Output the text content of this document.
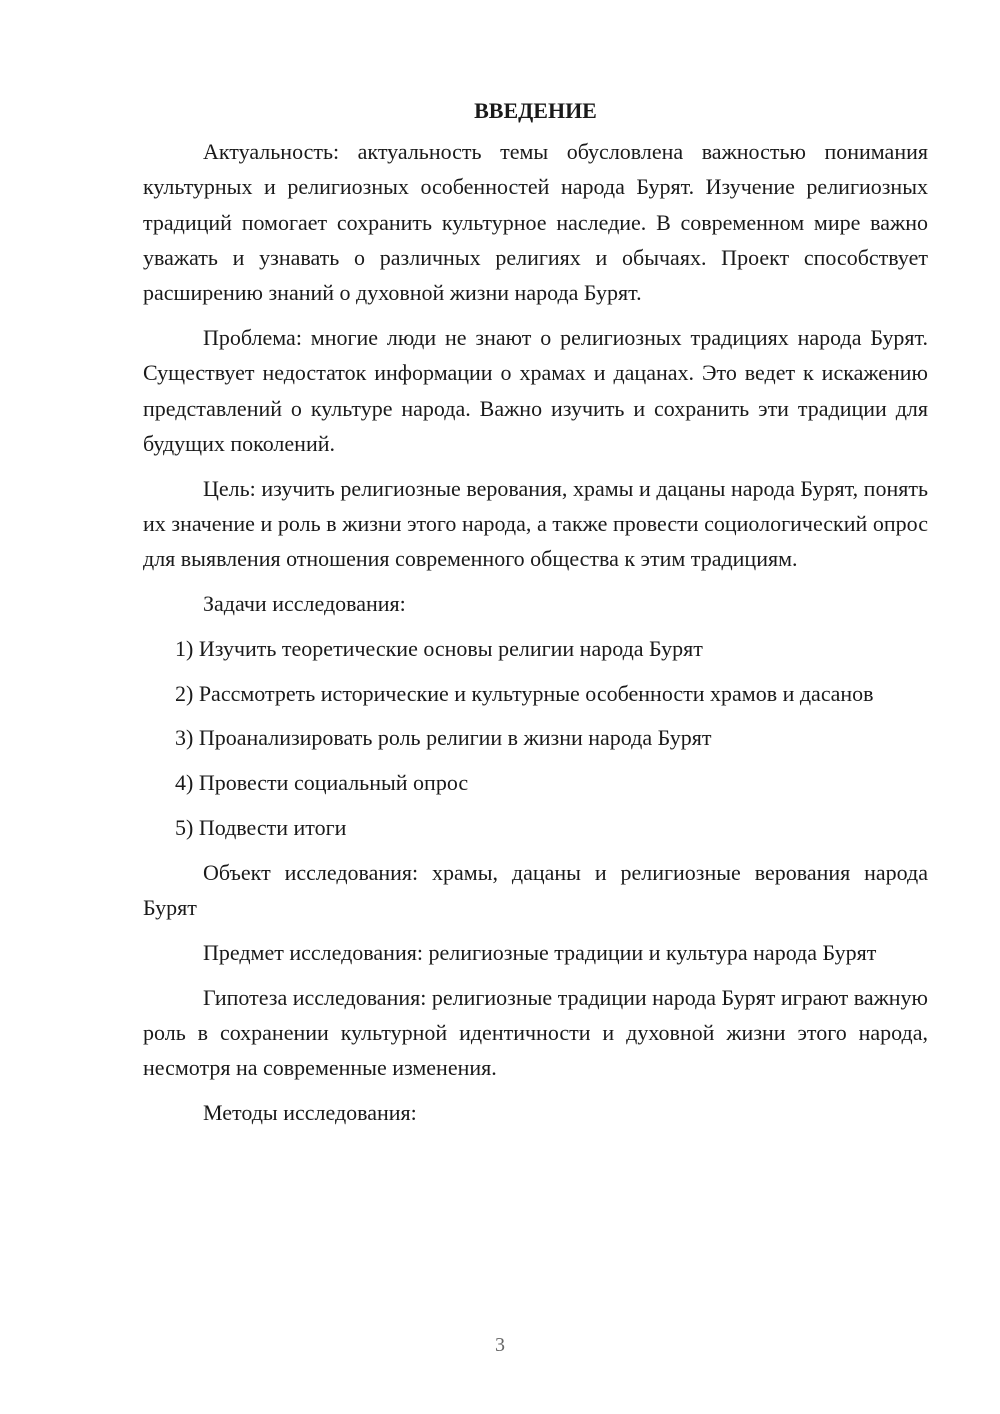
ВВЕДЕНИЕ

Актуальность: актуальность темы обусловлена важностью понимания культурных и религиозных особенностей народа Бурят. Изучение религиозных традиций помогает сохранить культурное наследие. В современном мире важно уважать и узнавать о различных религиях и обычаях. Проект способствует расширению знаний о духовной жизни народа Бурят.

Проблема: многие люди не знают о религиозных традициях народа Бурят. Существует недостаток информации о храмах и дацанах. Это ведет к искажению представлений о культуре народа. Важно изучить и сохранить эти традиции для будущих поколений.

Цель: изучить религиозные верования, храмы и дацаны народа Бурят, понять их значение и роль в жизни этого народа, а также провести социологический опрос для выявления отношения современного общества к этим традициям.

Задачи исследования:

1) Изучить теоретические основы религии народа Бурят

2) Рассмотреть исторические и культурные особенности храмов и даcанов

3) Проанализировать роль религии в жизни народа Бурят

4) Провести социальный опрос

5) Подвести итоги

Объект исследования: храмы, дацаны и религиозные верования народа Бурят

Предмет исследования: религиозные традиции и культура народа Бурят

Гипотеза исследования: религиозные традиции народа Бурят играют важную роль в сохранении культурной идентичности и духовной жизни этого народа, несмотря на современные изменения.

Методы исследования:

3
